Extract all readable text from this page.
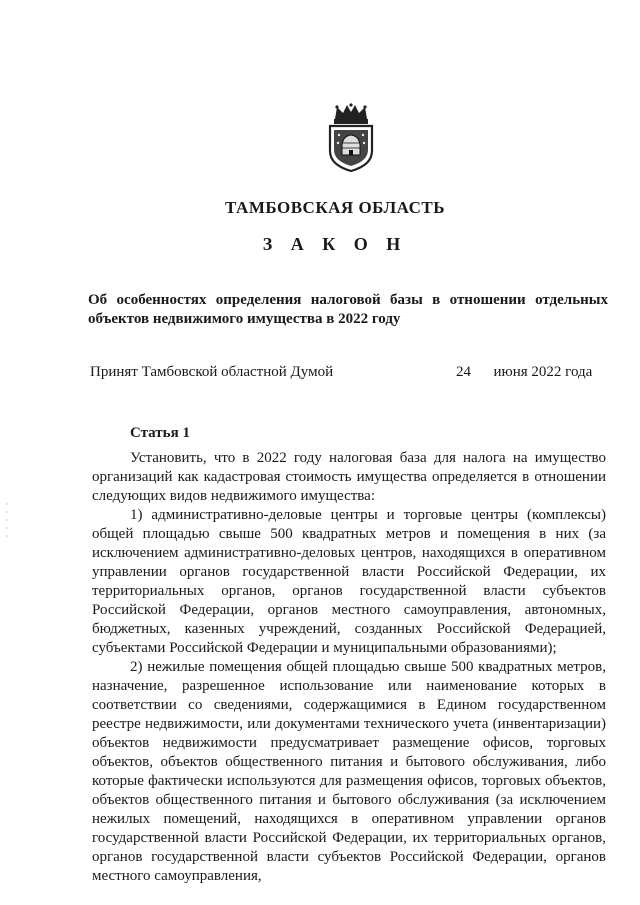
ТАМБОВСКАЯ ОБЛАСТЬ
З А К О Н
Об особенностях определения налоговой базы в отношении отдельных объектов недвижимого имущества в 2022 году
Принят Тамбовской областной Думой	24      июня 2022 года
Статья 1

Установить, что в 2022 году налоговая база для налога на имущество организаций как кадастровая стоимость имущества определяется в отношении следующих видов недвижимого имущества:

1) административно-деловые центры и торговые центры (комплексы) общей площадью свыше 500 квадратных метров и помещения в них (за исключением административно-деловых центров, находящихся в оперативном управлении органов государственной власти Российской Федерации, их территориальных органов, органов государственной власти субъектов Российской Федерации, органов местного самоуправления, автономных, бюджетных, казенных учреждений, созданных Российской Федерацией, субъектами Российской Федерации и муниципальными образованиями);

2) нежилые помещения общей площадью свыше 500 квадратных метров, назначение, разрешенное использование или наименование которых в соответствии со сведениями, содержащимися в Едином государственном реестре недвижимости, или документами технического учета (инвентаризации) объектов недвижимости предусматривает размещение офисов, торговых объектов, объектов общественного питания и бытового обслуживания, либо которые фактически используются для размещения офисов, торговых объектов, объектов общественного питания и бытового обслуживания (за исключением нежилых помещений, находящихся в оперативном управлении органов государственной власти Российской Федерации, их территориальных органов, органов государственной власти субъектов Российской Федерации, органов местного самоуправления,
